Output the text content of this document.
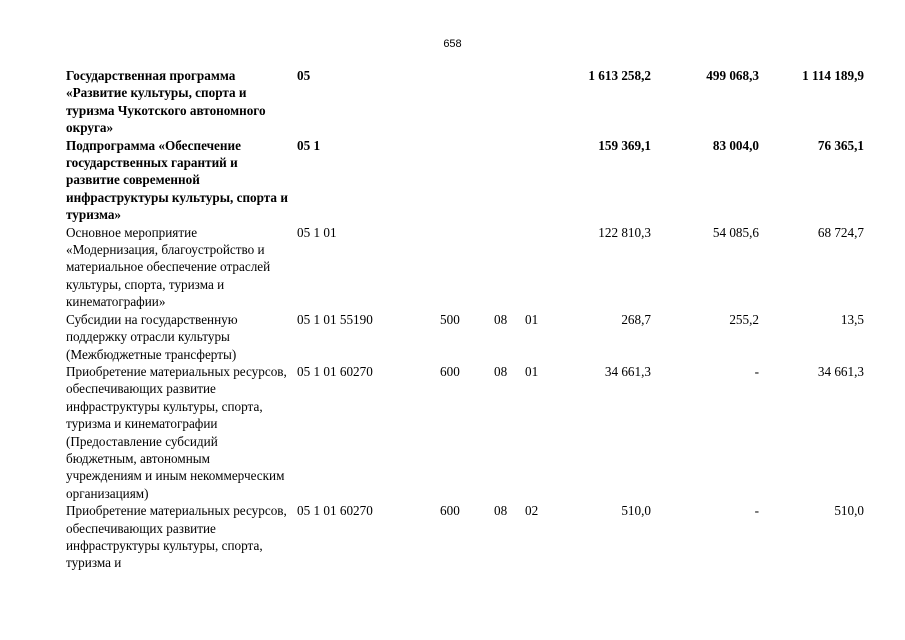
658
Государственная программа «Развитие культуры, спорта и туризма Чукотского автономного округа»
05	1 613 258,2	499 068,3	1 114 189,9
Подпрограмма «Обеспечение государственных гарантий и развитие современной инфраструктуры культуры, спорта и туризма»
05 1	159 369,1	83 004,0	76 365,1
Основное мероприятие «Модернизация, благоустройство и материальное обеспечение отраслей культуры, спорта, туризма и кинематографии»
05 1 01	122 810,3	54 085,6	68 724,7
Субсидии на государственную поддержку отрасли культуры (Межбюджетные трансферты)
05 1 01 55190	500	08 01	268,7	255,2	13,5
Приобретение материальных ресурсов, обеспечивающих развитие инфраструктуры культуры, спорта, туризма и кинематографии (Предоставление субсидий бюджетным, автономным учреждениям и иным некоммерческим организациям)
05 1 01 60270	600	08 01	34 661,3	-	34 661,3
Приобретение материальных ресурсов, обеспечивающих развитие инфраструктуры культуры, спорта, туризма и
05 1 01 60270	600	08 02	510,0	-	510,0
